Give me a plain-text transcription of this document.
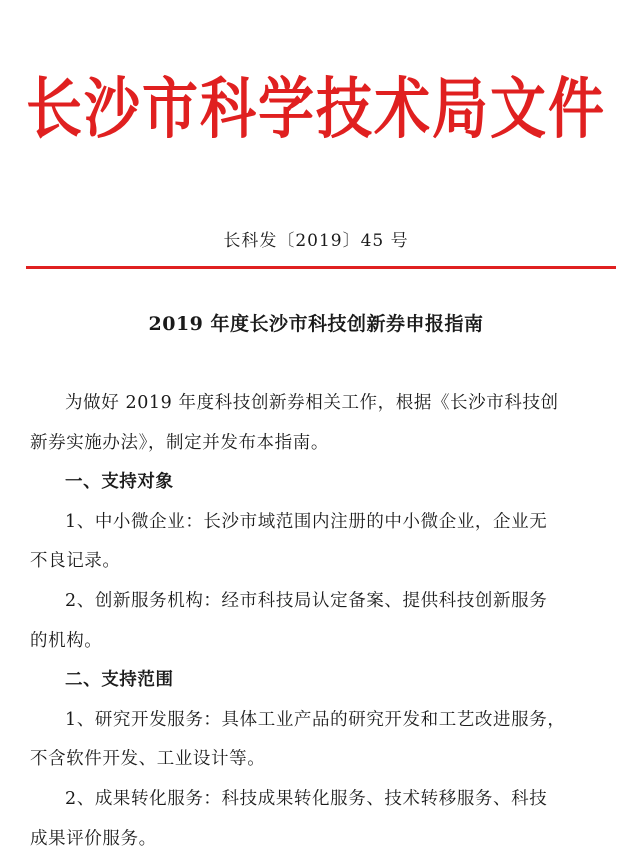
长沙市科学技术局文件
长科发〔2019〕45 号
2019 年度长沙市科技创新券申报指南

为做好 2019 年度科技创新券相关工作，根据《长沙市科技创
新券实施办法》，制定并发布本指南。

一、支持对象

1、中小微企业：长沙市域范围内注册的中小微企业，企业无
不良记录。

2、创新服务机构：经市科技局认定备案、提供科技创新服务
的机构。

二、支持范围

1、研究开发服务：具体工业产品的研究开发和工艺改进服务，
不含软件开发、工业设计等。

2、成果转化服务：科技成果转化服务、技术转移服务、科技
成果评价服务。
